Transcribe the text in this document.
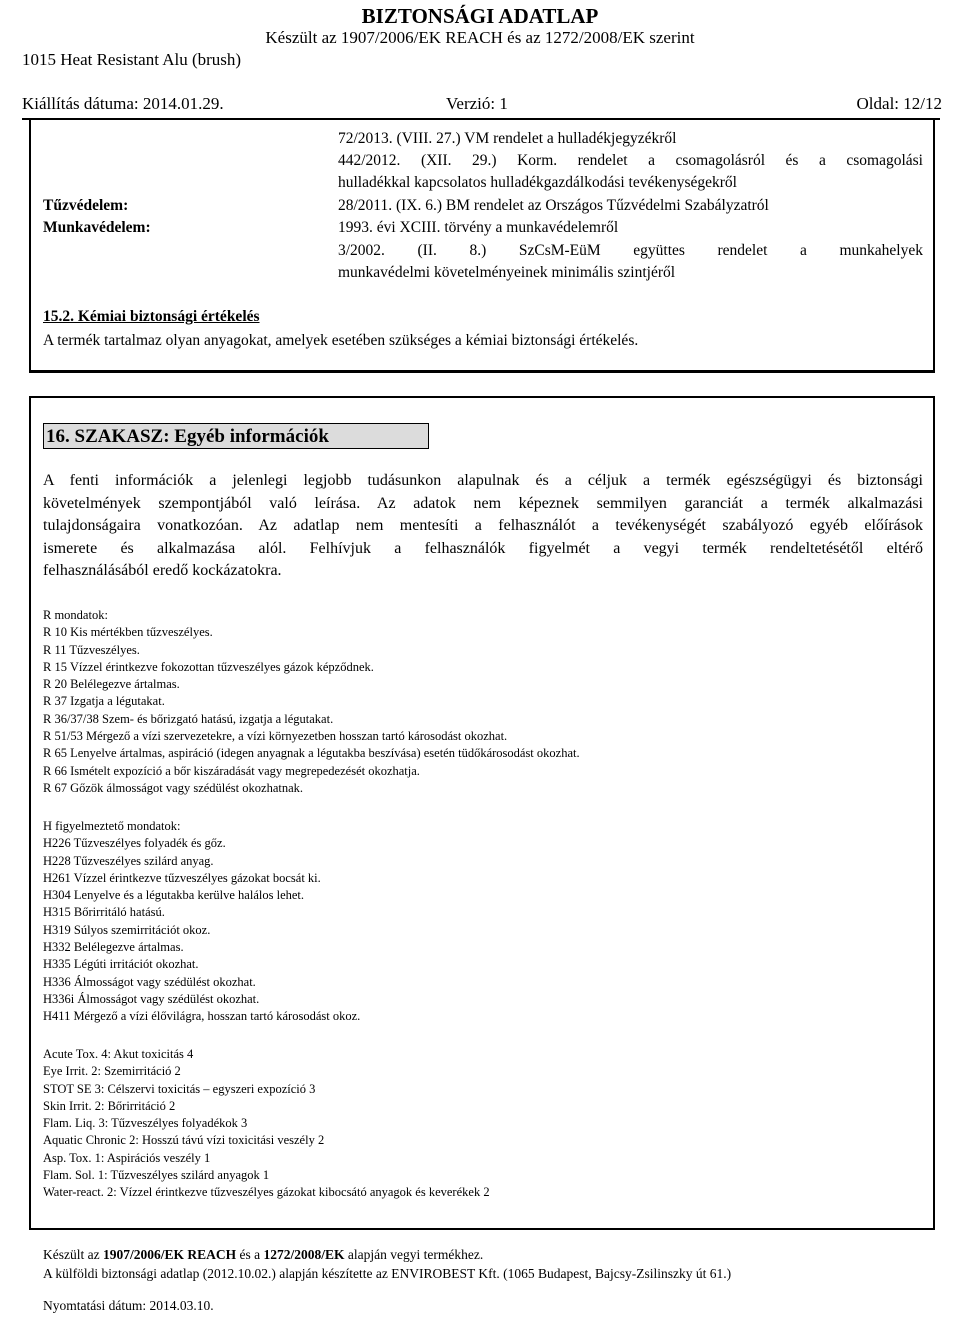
BIZTONSÁGI ADATLAP
Készült az 1907/2006/EK REACH és az 1272/2008/EK szerint
1015 Heat Resistant Alu (brush)
Kiállítás dátuma: 2014.01.29.	Verzió: 1	Oldal: 12/12
72/2013. (VIII. 27.) VM rendelet a hulladékjegyzékről
442/2012. (XII. 29.) Korm. rendelet a csomagolásról és a csomagolási
hulladékkal kapcsolatos hulladékgazdálkodási tevékenységekről
Tűzvédelem:	28/2011. (IX. 6.) BM rendelet az Országos Tűzvédelmi Szabályzatról
Munkavédelem:	1993. évi XCIII. törvény a munkavédelemről
3/2002. (II. 8.) SzCsM-EüM együttes rendelet a munkahelyek
munkavédelmi követelményeinek minimális szintjéről
15.2. Kémiai biztonsági értékelés
A termék tartalmaz olyan anyagokat, amelyek esetében szükséges a kémiai biztonsági értékelés.
16. SZAKASZ: Egyéb információk
A fenti információk a jelenlegi legjobb tudásunkon alapulnak és a céljuk a termék egészségügyi és biztonsági
követelmények szempontjából való leírása. Az adatok nem képeznek semmilyen garanciát a termék alkalmazási
tulajdonságaira vonatkozóan. Az adatlap nem mentesíti a felhasználót a tevékenységét szabályozó egyéb előírások
ismerete és alkalmazása alól. Felhívjuk a felhasználók figyelmét a vegyi termék rendeltetésétől eltérő
felhasználásából eredő kockázatokra.
R mondatok:
R 10 Kis mértékben tűzveszélyes.
R 11 Tűzveszélyes.
R 15 Vízzel érintkezve fokozottan tűzveszélyes gázok képződnek.
R 20 Belélegezve ártalmas.
R 37 Izgatja a légutakat.
R 36/37/38 Szem- és bőrizgató hatású, izgatja a légutakat.
R 51/53 Mérgező a vízi szervezetekre, a vízi környezetben hosszan tartó károsodást okozhat.
R 65 Lenyelve ártalmas, aspiráció (idegen anyagnak a légutakba beszívása) esetén tüdőkárosodást okozhat.
R 66 Ismételt expozíció a bőr kiszáradását vagy megrepedezését okozhatja.
R 67 Gőzök álmosságot vagy szédülést okozhatnak.
H figyelmeztető mondatok:
H226 Tűzveszélyes folyadék és gőz.
H228 Tűzveszélyes szilárd anyag.
H261 Vízzel érintkezve tűzveszélyes gázokat bocsát ki.
H304 Lenyelve és a légutakba kerülve halálos lehet.
H315 Bőrirritáló hatású.
H319 Súlyos szemirritációt okoz.
H332 Belélegezve ártalmas.
H335 Légúti irritációt okozhat.
H336 Álmosságot vagy szédülést okozhat.
H336i Álmosságot vagy szédülést okozhat.
H411 Mérgező a vízi élővilágra, hosszan tartó károsodást okoz.
Acute Tox. 4: Akut toxicitás 4
Eye Irrit. 2: Szemirritáció 2
STOT SE 3: Célszervi toxicitás – egyszeri expozíció 3
Skin Irrit. 2: Bőrirritáció 2
Flam. Liq. 3: Tűzveszélyes folyadékok 3
Aquatic Chronic 2: Hosszú távú vízi toxicitási veszély 2
Asp. Tox. 1: Aspirációs veszély 1
Flam. Sol. 1: Tűzveszélyes szilárd anyagok 1
Water-react. 2: Vízzel érintkezve tűzveszélyes gázokat kibocsátó anyagok és keverékek 2
Készült az 1907/2006/EK REACH és a 1272/2008/EK alapján vegyi termékhez.
A külföldi biztonsági adatlap (2012.10.02.) alapján készítette az ENVIROBEST Kft. (1065 Budapest, Bajcsy-Zsilinszky út 61.)
Nyomtatási dátum: 2014.03.10.
